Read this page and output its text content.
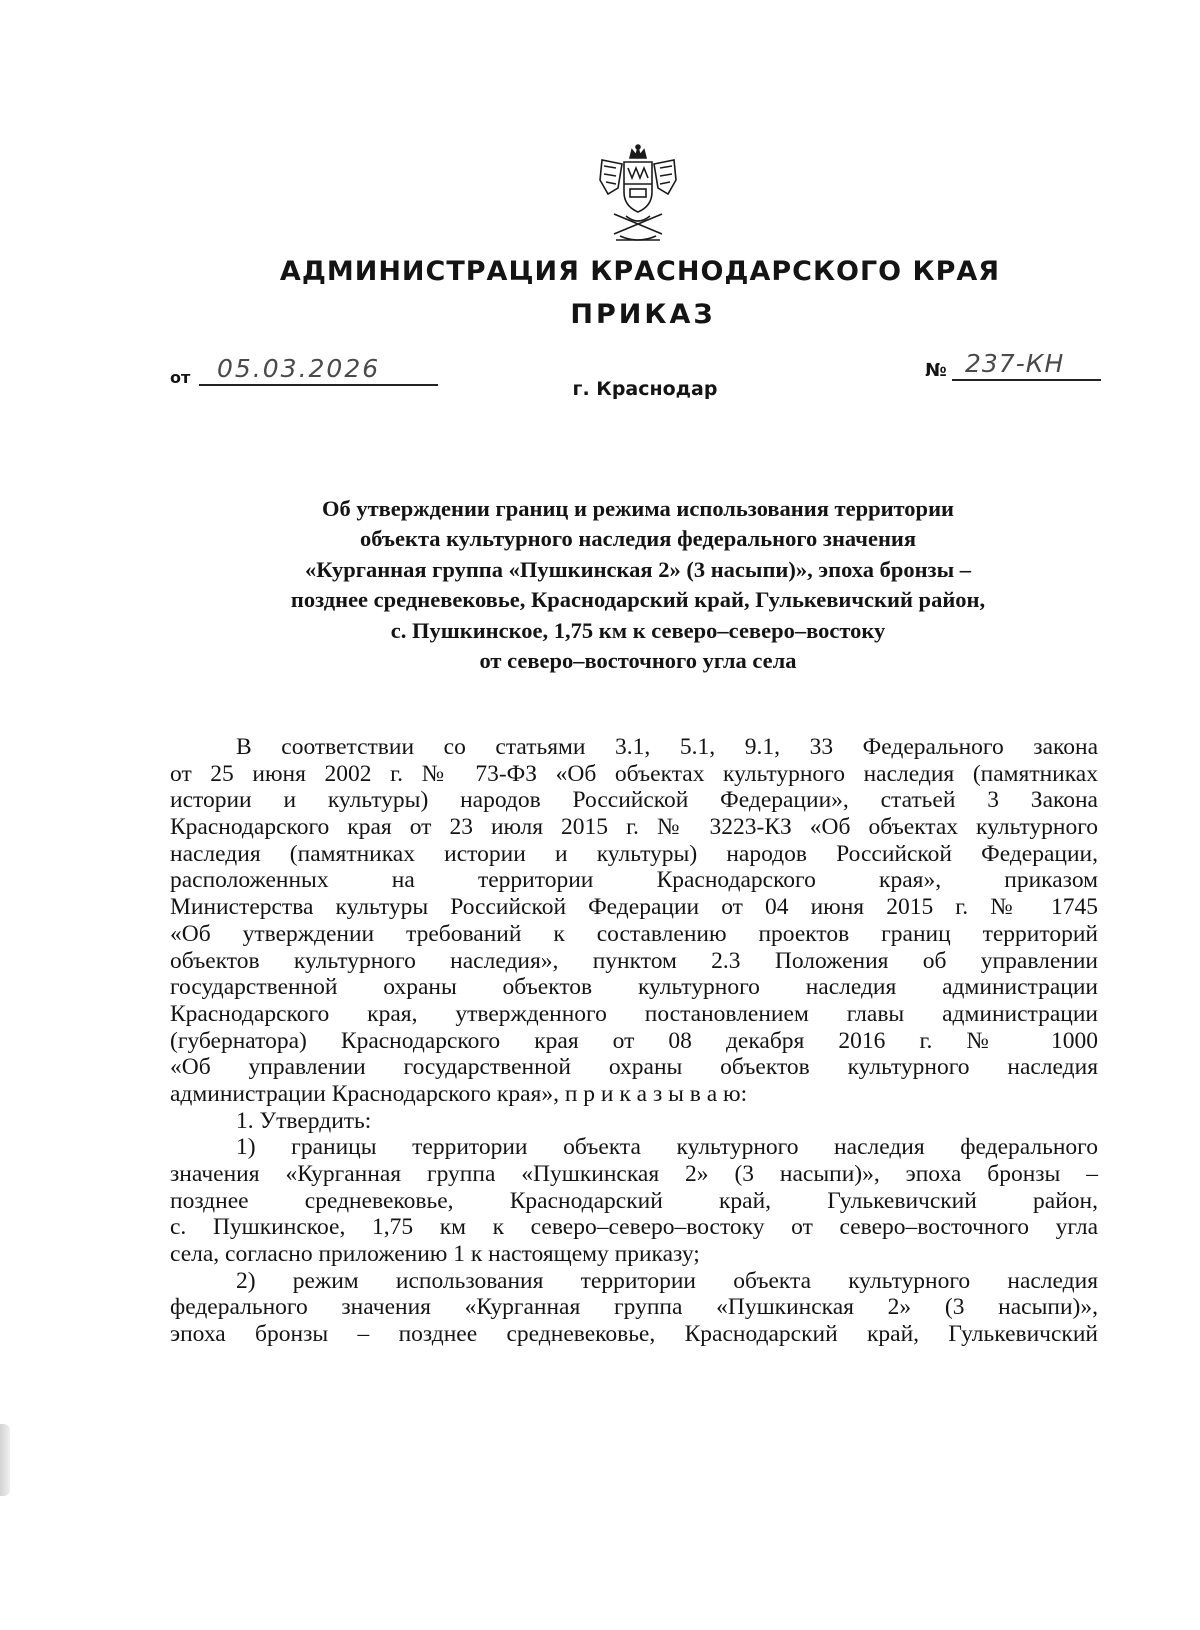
АДМИНИСТРАЦИЯ КРАСНОДАРСКОГО КРАЯ

ПРИКАЗ

от 05.03.2026	№ 237-КН

г. Краснодар

Об утверждении границ и режима использования территории
объекта культурного наследия федерального значения
«Курганная группа «Пушкинская 2» (3 насыпи)», эпоха бронзы –
позднее средневековье, Краснодарский край, Гулькевичский район,
с. Пушкинское, 1,75 км к северо–северо–востоку
от северо–восточного угла села
В соответствии со статьями 3.1, 5.1, 9.1, 33 Федерального закона
от 25 июня 2002 г. № 73-ФЗ «Об объектах культурного наследия (памятниках
истории и культуры) народов Российской Федерации», статьей 3 Закона
Краснодарского края от 23 июля 2015 г. № 3223-КЗ «Об объектах культурного
наследия (памятниках истории и культуры) народов Российской Федерации,
расположенных на территории Краснодарского края», приказом
Министерства культуры Российской Федерации от 04 июня 2015 г. № 1745
«Об утверждении требований к составлению проектов границ территорий
объектов культурного наследия», пунктом 2.3 Положения об управлении
государственной охраны объектов культурного наследия администрации
Краснодарского края, утвержденного постановлением главы администрации
(губернатора) Краснодарского края от 08 декабря 2016 г. № 1000
«Об управлении государственной охраны объектов культурного наследия
администрации Краснодарского края», п р и к а з ы в а ю:
1. Утвердить:
1) границы территории объекта культурного наследия федерального
значения «Курганная группа «Пушкинская 2» (3 насыпи)», эпоха бронзы –
позднее средневековье, Краснодарский край, Гулькевичский район,
с. Пушкинское, 1,75 км к северо–северо–востоку от северо–восточного угла
села, согласно приложению 1 к настоящему приказу;
2) режим использования территории объекта культурного наследия
федерального значения «Курганная группа «Пушкинская 2» (3 насыпи)»,
эпоха бронзы – позднее средневековье, Краснодарский край, Гулькевичский
